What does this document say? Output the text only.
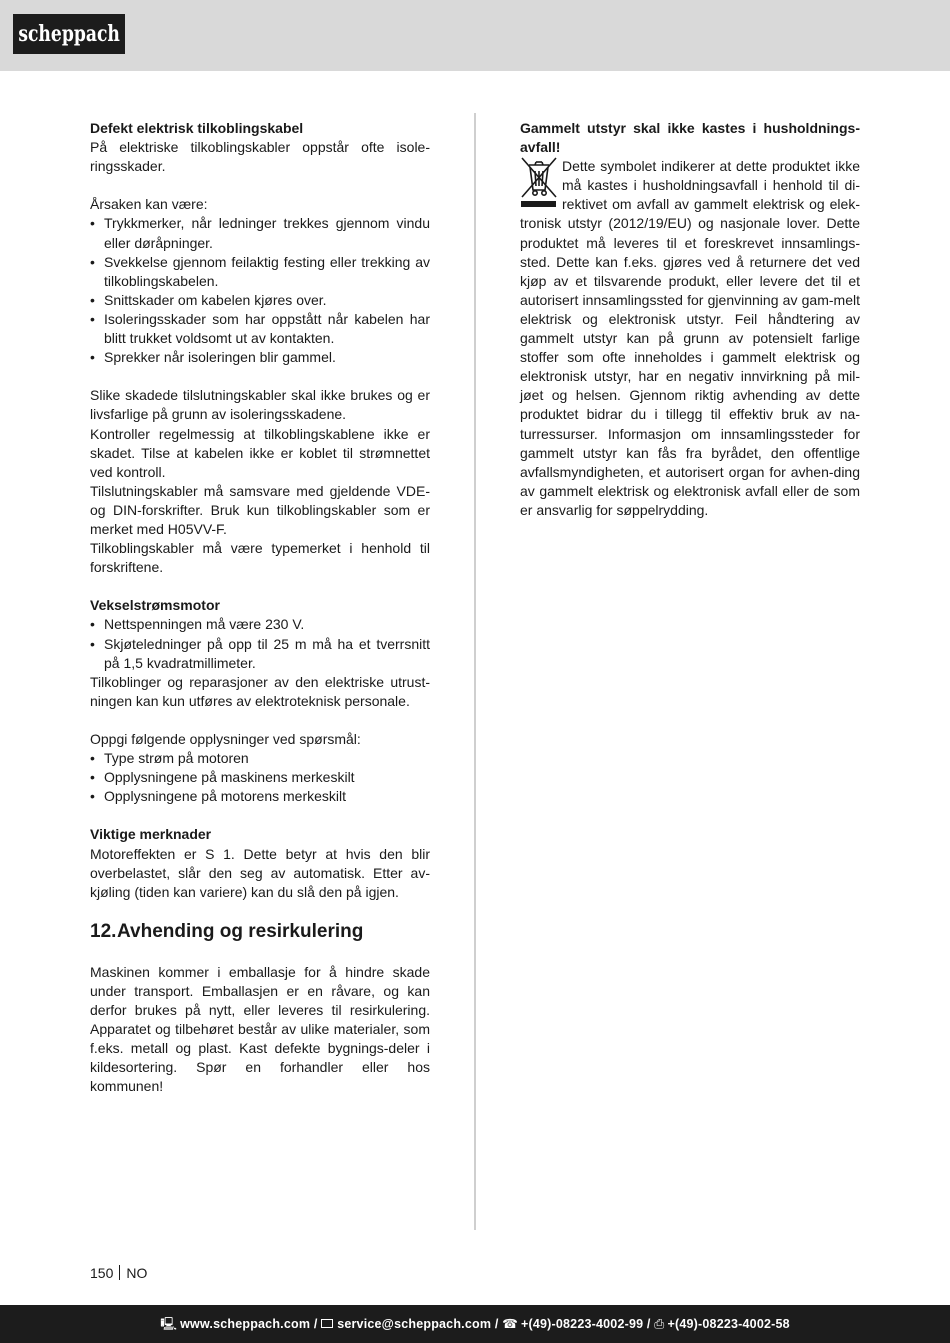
scheppach

Defekt elektrisk tilkoblingskabel

På elektriske tilkoblingskabler oppstår ofte isole-ringsskader.

Årsaken kan være:

• Trykkmerker, når ledninger trekkes gjennom vindu eller døråpninger.
• Svekkelse gjennom feilaktig festing eller trekking av tilkoblingskabelen.
• Snittskader om kabelen kjøres over.
• Isoleringsskader som har oppstått når kabelen har blitt trukket voldsomt ut av kontakten.
• Sprekker når isoleringen blir gammel.

Slike skadede tilslutningskabler skal ikke brukes og er livsfarlige på grunn av isoleringsskadene.

Kontroller regelmessig at tilkoblingskablene ikke er skadet. Tilse at kabelen ikke er koblet til strømnettet ved kontroll.

Tilslutningskabler må samsvare med gjeldende VDE- og DIN-forskrifter. Bruk kun tilkoblingskabler som er merket med H05VV-F.

Tilkoblingskabler må være typemerket i henhold til forskriftene.

Vekselstrømsmotor

• Nettspenningen må være 230 V.
• Skjøteledninger på opp til 25 m må ha et tverrsnitt på 1,5 kvadratmillimeter.

Tilkoblinger og reparasjoner av den elektriske utrust-ningen kan kun utføres av elektroteknisk personale.

Oppgi følgende opplysninger ved spørsmål:

• Type strøm på motoren
• Opplysningene på maskinens merkeskilt
• Opplysningene på motorens merkeskilt

Viktige merknader

Motoreffekten er S 1. Dette betyr at hvis den blir overbelastet, slår den seg av automatisk. Etter av-kjøling (tiden kan variere) kan du slå den på igjen.

12.Avhending og resirkulering

Maskinen kommer i emballasje for å hindre skade under transport. Emballasjen er en råvare, og kan derfor brukes på nytt, eller leveres til resirkulering. Apparatet og tilbehøret består av ulike materialer, som f.eks. metall og plast. Kast defekte bygnings-deler i kildesortering. Spør en forhandler eller hos kommunen!

Gammelt utstyr skal ikke kastes i husholdnings-avfall!

Dette symbolet indikerer at dette produktet ikke må kastes i husholdningsavfall i henhold til di-rektivet om avfall av gammelt elektrisk og elek-tronisk utstyr (2012/19/EU) og nasjonale lover. Dette produktet må leveres til et foreskrevet innsamlings-sted. Dette kan f.eks. gjøres ved å returnere det ved kjøp av et tilsvarende produkt, eller levere det til et autorisert innsamlingssted for gjenvinning av gam-melt elektrisk og elektronisk utstyr. Feil håndtering av gammelt utstyr kan på grunn av potensielt farlige stoffer som ofte inneholdes i gammelt elektrisk og elektronisk utstyr, har en negativ innvirkning på mil-jøet og helsen. Gjennom riktig avhending av dette produktet bidrar du i tillegg til effektiv bruk av na-turressurser. Informasjon om innsamlingssteder for gammelt utstyr kan fås fra byrådet, den offentlige avfallsmyndigheten, et autorisert organ for avhen-ding av gammelt elektrisk og elektronisk avfall eller de som er ansvarlig for søppelrydding.

150 NO
🖳 www.scheppach.com / service@scheppach.com / ☎ +(49)-08223-4002-99 / ⎙ +(49)-08223-4002-58
